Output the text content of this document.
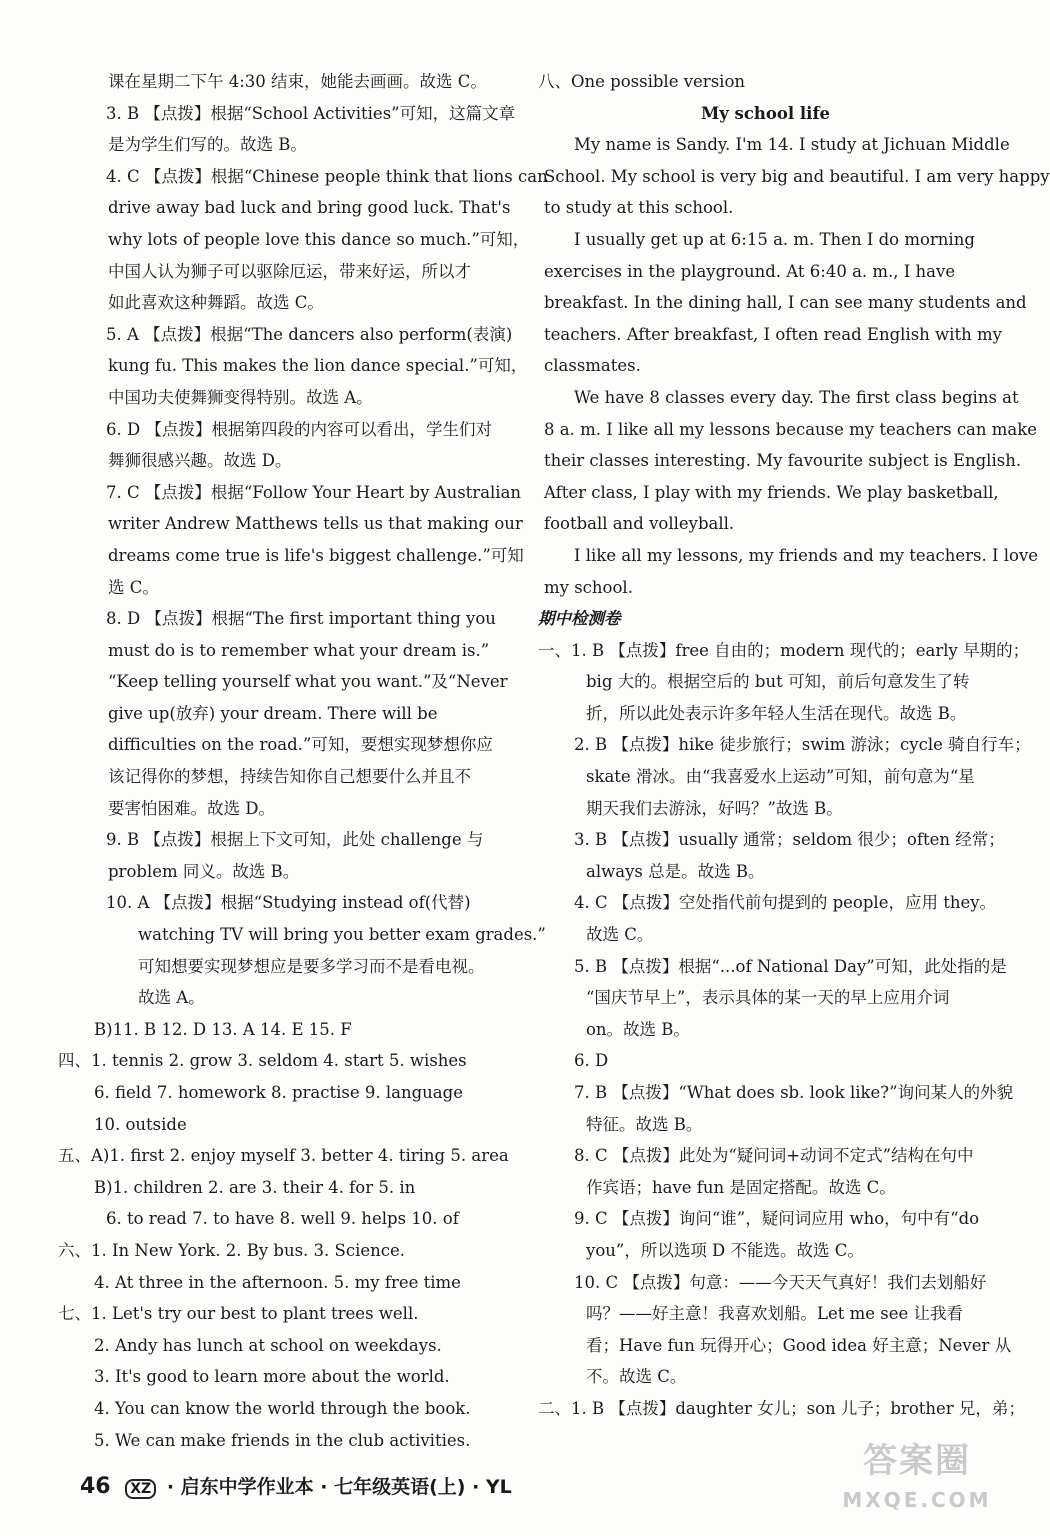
课在星期二下午 4:30 结束，她能去画画。故选 C。
3. B 【点拨】根据“School Activities”可知，这篇文章
是为学生们写的。故选 B。
4. C 【点拨】根据“Chinese people think that lions can
drive away bad luck and bring good luck. That's
why lots of people love this dance so much.”可知，
中国人认为狮子可以驱除厄运，带来好运，所以才
如此喜欢这种舞蹈。故选 C。
5. A 【点拨】根据“The dancers also perform(表演)
kung fu. This makes the lion dance special.”可知，
中国功夫使舞狮变得特别。故选 A。
6. D 【点拨】根据第四段的内容可以看出，学生们对
舞狮很感兴趣。故选 D。
7. C 【点拨】根据“Follow Your Heart by Australian
writer Andrew Matthews tells us that making our
dreams come true is life's biggest challenge.”可知
选 C。
8. D 【点拨】根据“The first important thing you
must do is to remember what your dream is.”
“Keep telling yourself what you want.”及“Never
give up(放弃) your dream. There will be
difficulties on the road.”可知，要想实现梦想你应
该记得你的梦想，持续告知你自己想要什么并且不
要害怕困难。故选 D。
9. B 【点拨】根据上下文可知，此处 challenge 与
problem 同义。故选 B。
10. A 【点拨】根据“Studying instead of(代替)
watching TV will bring you better exam grades.”
可知想要实现梦想应是要多学习而不是看电视。
故选 A。
B)11. B 12. D 13. A 14. E 15. F
四、1. tennis 2. grow 3. seldom 4. start 5. wishes
6. field 7. homework 8. practise 9. language
10. outside
五、A)1. first 2. enjoy myself 3. better 4. tiring 5. area
B)1. children 2. are 3. their 4. for 5. in
6. to read 7. to have 8. well 9. helps 10. of
六、1. In New York. 2. By bus. 3. Science.
4. At three in the afternoon. 5. my free time
七、1. Let's try our best to plant trees well.
2. Andy has lunch at school on weekdays.
3. It's good to learn more about the world.
4. You can know the world through the book.
5. We can make friends in the club activities.
八、One possible version
My school life
My name is Sandy. I'm 14. I study at Jichuan Middle
School. My school is very big and beautiful. I am very happy
to study at this school.
I usually get up at 6:15 a. m. Then I do morning
exercises in the playground. At 6:40 a. m., I have
breakfast. In the dining hall, I can see many students and
teachers. After breakfast, I often read English with my
classmates.
We have 8 classes every day. The first class begins at
8 a. m. I like all my lessons because my teachers can make
their classes interesting. My favourite subject is English.
After class, I play with my friends. We play basketball,
football and volleyball.
I like all my lessons, my friends and my teachers. I love
my school.
期中检测卷
一、1. B 【点拨】free 自由的；modern 现代的；early 早期的；
big 大的。根据空后的 but 可知，前后句意发生了转
折，所以此处表示许多年轻人生活在现代。故选 B。
2. B 【点拨】hike 徒步旅行；swim 游泳；cycle 骑自行车；
skate 滑冰。由“我喜爱水上运动”可知，前句意为“星
期天我们去游泳，好吗？”故选 B。
3. B 【点拨】usually 通常；seldom 很少；often 经常；
always 总是。故选 B。
4. C 【点拨】空处指代前句提到的 people，应用 they。
故选 C。
5. B 【点拨】根据“...of National Day”可知，此处指的是
“国庆节早上”，表示具体的某一天的早上应用介词
on。故选 B。
6. D
7. B 【点拨】“What does sb. look like?”询问某人的外貌
特征。故选 B。
8. C 【点拨】此处为“疑问词+动词不定式”结构在句中
作宾语；have fun 是固定搭配。故选 C。
9. C 【点拨】询问“谁”，疑问词应用 who，句中有“do
you”，所以选项 D 不能选。故选 C。
10. C 【点拨】句意：——今天天气真好！我们去划船好
吗？——好主意！我喜欢划船。Let me see 让我看
看；Have fun 玩得开心；Good idea 好主意；Never 从
不。故选 C。
二、1. B 【点拨】daughter 女儿；son 儿子；brother 兄，弟；
46 XZ · 启东中学作业本 · 七年级英语(上) · YL
答案圈
MXQE.COM
